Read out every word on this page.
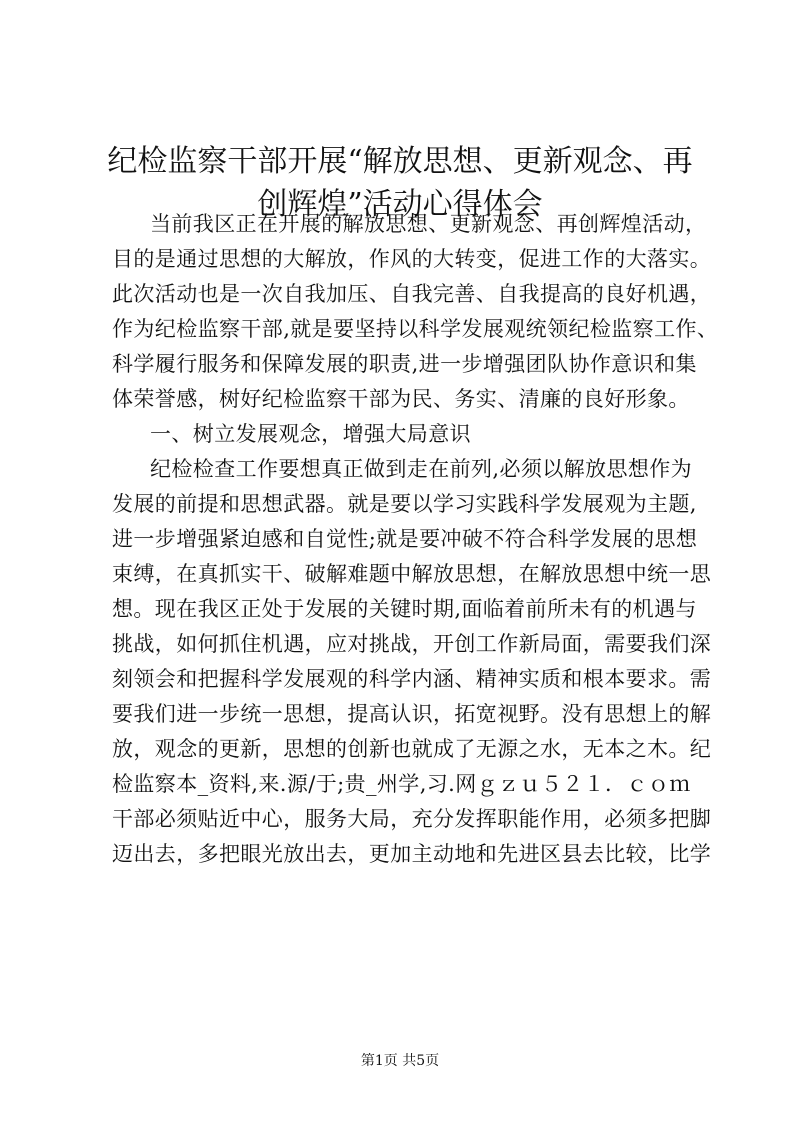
纪检监察干部开展“解放思想、更新观念、再
创辉煌”活动心得体会

当前我区正在开展的解放思想、更新观念、再创辉煌活动，

目的是通过思想的大解放，作风的大转变，促进工作的大落实。

此次活动也是一次自我加压、自我完善、自我提高的良好机遇，

作为纪检监察干部,就是要坚持以科学发展观统领纪检监察工作、

科学履行服务和保障发展的职责,进一步增强团队协作意识和集

体荣誉感，树好纪检监察干部为民、务实、清廉的良好形象。

一、树立发展观念，增强大局意识

纪检检查工作要想真正做到走在前列,必须以解放思想作为

发展的前提和思想武器。就是要以学习实践科学发展观为主题,

进一步增强紧迫感和自觉性;就是要冲破不符合科学发展的思想

束缚，在真抓实干、破解难题中解放思想，在解放思想中统一思

想。现在我区正处于发展的关键时期,面临着前所未有的机遇与

挑战，如何抓住机遇，应对挑战，开创工作新局面，需要我们深

刻领会和把握科学发展观的科学内涵、精神实质和根本要求。需

要我们进一步统一思想，提高认识，拓宽视野。没有思想上的解

放，观念的更新，思想的创新也就成了无源之水，无本之木。纪

检监察本_资料,来.源/于;贵_州学,习.网ｇｚｕ５２１．ｃｏｍ

干部必须贴近中心，服务大局，充分发挥职能作用，必须多把脚

迈出去，多把眼光放出去，更加主动地和先进区县去比较，比学

第1页 共5页
